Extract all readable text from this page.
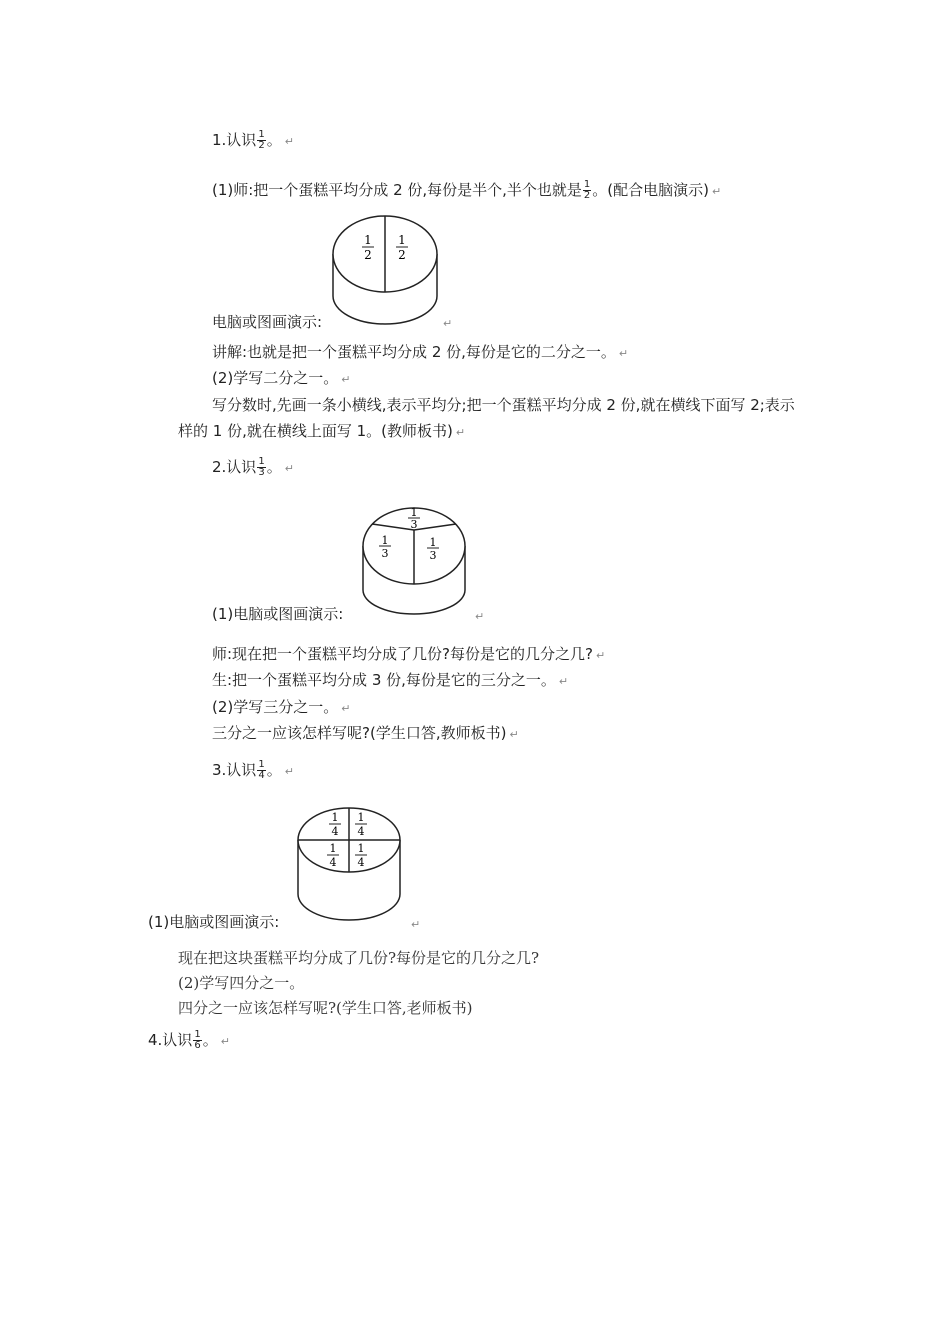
1.认识 $\frac{1}{2}$ 。 ↵
(1)师:把一个蛋糕平均分成 2 份,每份是半个,半个也就是 $\frac{1}{2}$ 。(配合电脑演示) ↵
1
2
1
2
电脑或图画演示:	↵
讲解:也就是把一个蛋糕平均分成 2 份,每份是它的二分之一。 ↵
(2)学写二分之一。 ↵
写分数时,先画一条小横线,表示平均分;把一个蛋糕平均分成 2 份,就在横线下面写 2;表示
样的 1 份,就在横线上面写 1。(教师板书) ↵
2.认识 $\frac{1}{3}$ 。 ↵
1
3
1
3
1
3
(1)电脑或图画演示:	↵
师:现在把一个蛋糕平均分成了几份?每份是它的几分之几? ↵
生:把一个蛋糕平均分成 3 份,每份是它的三分之一。 ↵
(2)学写三分之一。 ↵
三分之一应该怎样写呢?(学生口答,教师板书) ↵
3.认识 $\frac{1}{4}$ 。 ↵
1
4
1
4
1
4
1
4
(1)电脑或图画演示:	↵
现在把这块蛋糕平均分成了几份?每份是它的几分之几?
(2)学写四分之一。
四分之一应该怎样写呢?(学生口答,老师板书)
4.认识 $\frac{1}{6}$ 。 ↵
